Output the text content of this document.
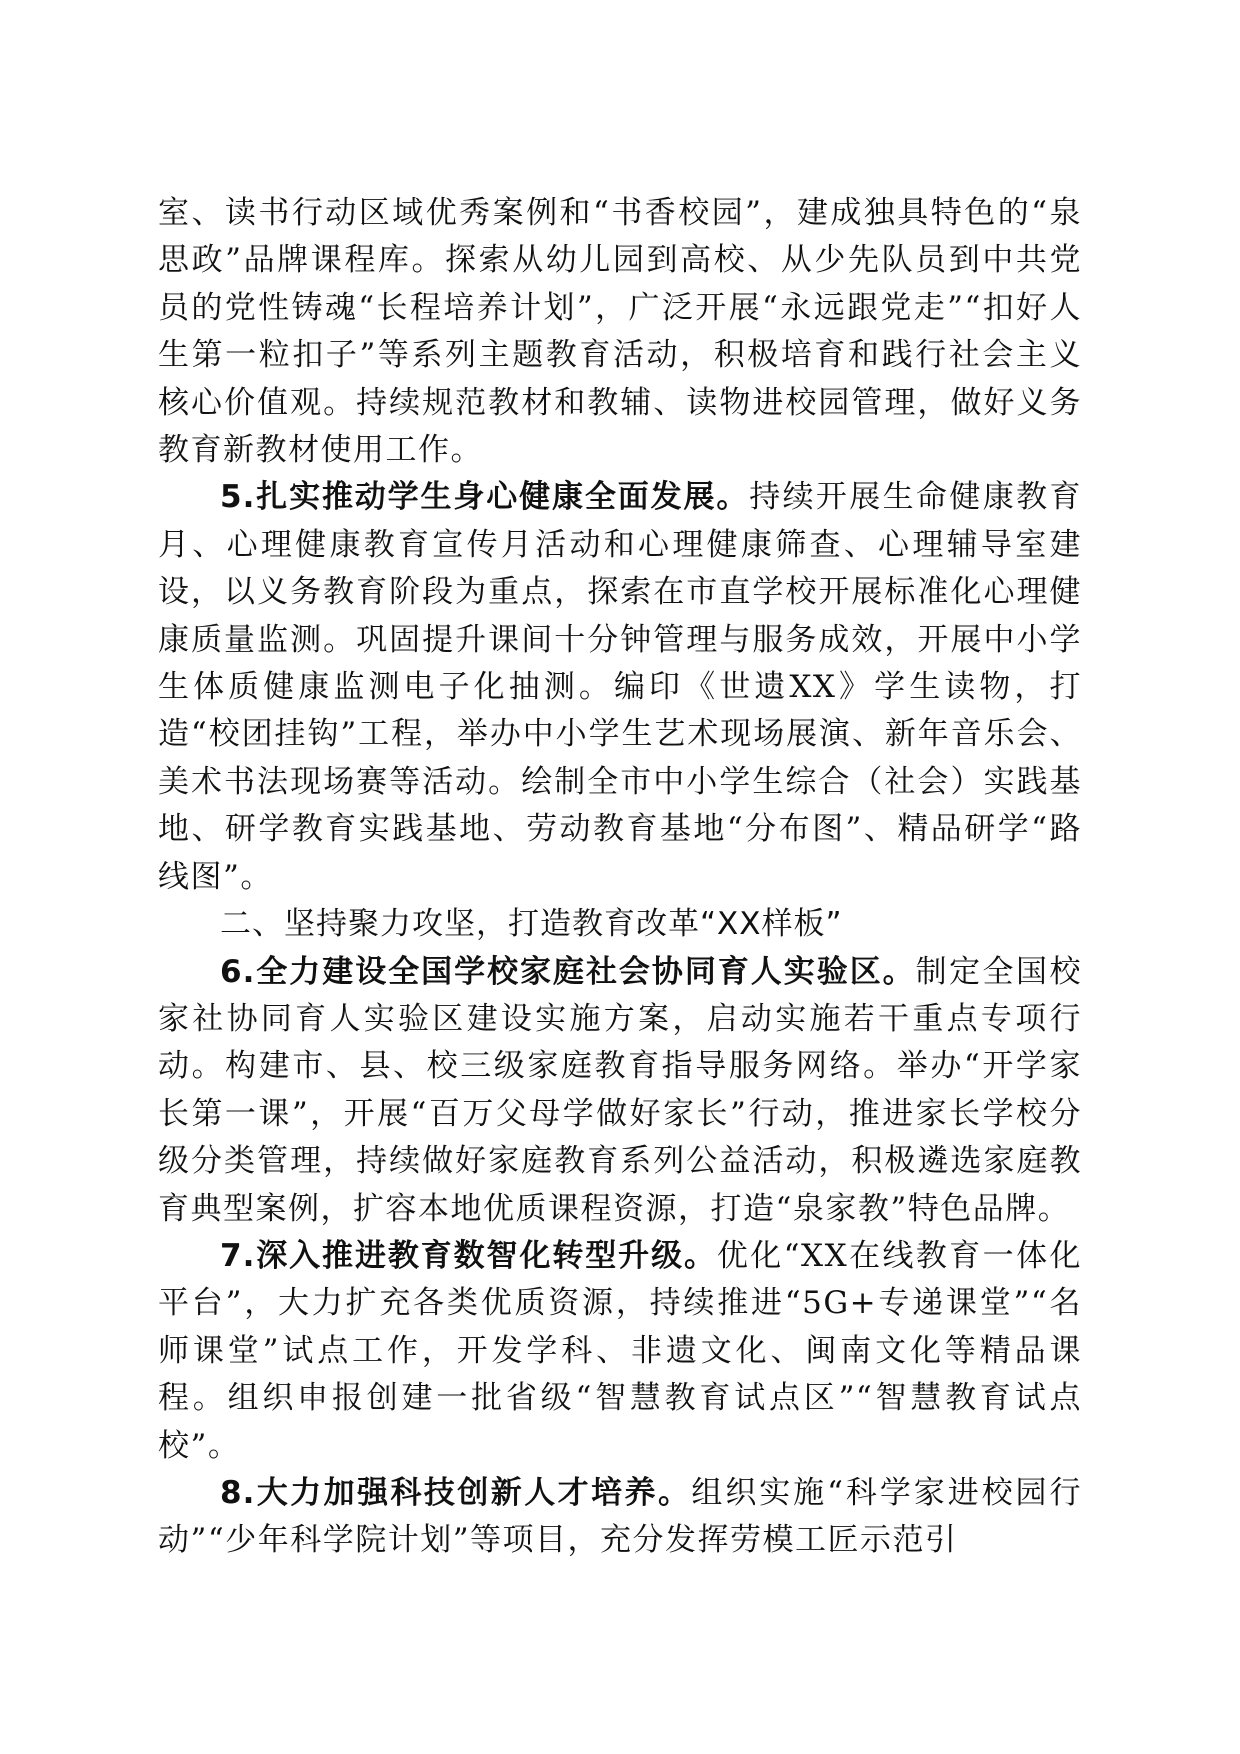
室、读书行动区域优秀案例和“书香校园”，建成独具特色的“泉思政”品牌课程库。探索从幼儿园到高校、从少先队员到中共党员的党性铸魂“长程培养计划”，广泛开展“永远跟党走”“扣好人生第一粒扣子”等系列主题教育活动，积极培育和践行社会主义核心价值观。持续规范教材和教辅、读物进校园管理，做好义务教育新教材使用工作。

5.扎实推动学生身心健康全面发展。持续开展生命健康教育月、心理健康教育宣传月活动和心理健康筛查、心理辅导室建设，以义务教育阶段为重点，探索在市直学校开展标准化心理健康质量监测。巩固提升课间十分钟管理与服务成效，开展中小学生体质健康监测电子化抽测。编印《世遗XX》学生读物，打造“校团挂钩”工程，举办中小学生艺术现场展演、新年音乐会、美术书法现场赛等活动。绘制全市中小学生综合（社会）实践基地、研学教育实践基地、劳动教育基地“分布图”、精品研学“路线图”。

二、坚持聚力攻坚，打造教育改革“XX样板”

6.全力建设全国学校家庭社会协同育人实验区。制定全国校家社协同育人实验区建设实施方案，启动实施若干重点专项行动。构建市、县、校三级家庭教育指导服务网络。举办“开学家长第一课”，开展“百万父母学做好家长”行动，推进家长学校分级分类管理，持续做好家庭教育系列公益活动，积极遴选家庭教育典型案例，扩容本地优质课程资源，打造“泉家教”特色品牌。

7.深入推进教育数智化转型升级。优化“XX在线教育一体化平台”，大力扩充各类优质资源，持续推进“5G+专递课堂”“名师课堂”试点工作，开发学科、非遗文化、闽南文化等精品课程。组织申报创建一批省级“智慧教育试点区”“智慧教育试点校”。

8.大力加强科技创新人才培养。组织实施“科学家进校园行动”“少年科学院计划”等项目，充分发挥劳模工匠示范引
